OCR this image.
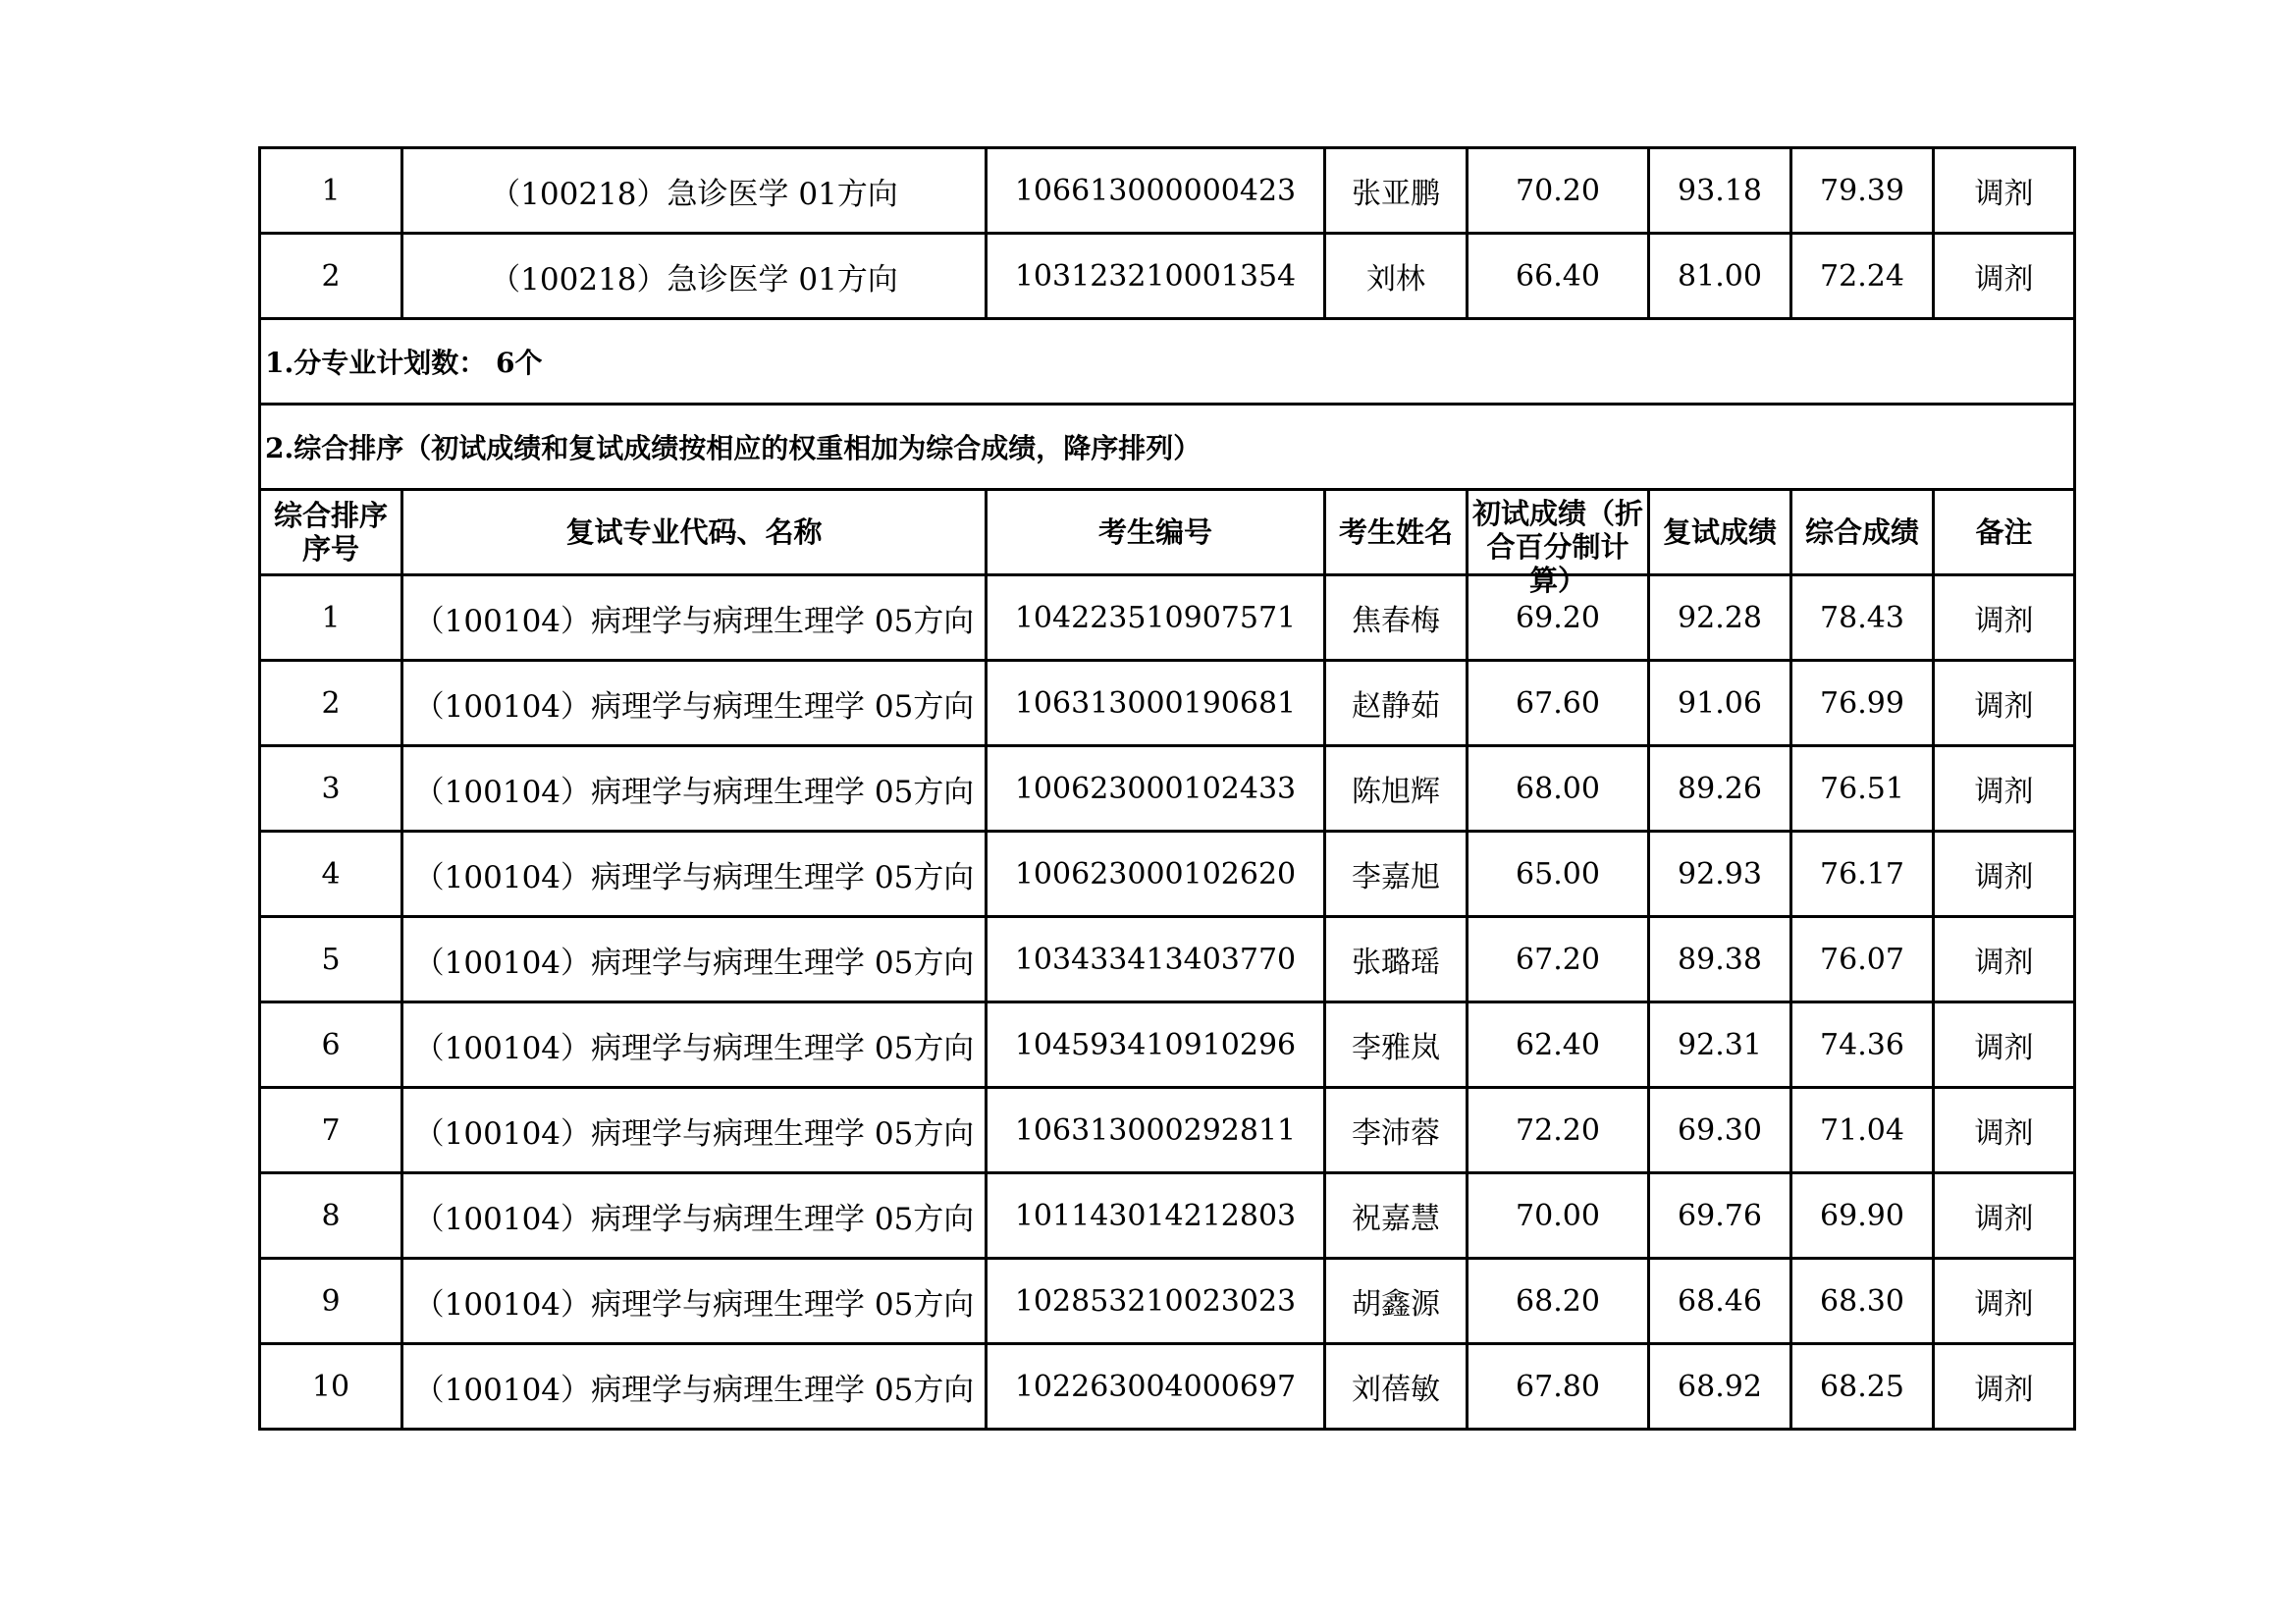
1	（100218）急诊医学 01方向	106613000000423	张亚鹏	70.20	93.18	79.39	调剂
2	（100218）急诊医学 01方向	103123210001354	刘林	66.40	81.00	72.24	调剂
1.分专业计划数： 6个							
2.综合排序（初试成绩和复试成绩按相应的权重相加为综合成绩，降序排列）							
综合排序序号	复试专业代码、名称	考生编号	考生姓名	初试成绩（折合百分制计算）	复试成绩	综合成绩	备注
1	（100104）病理学与病理生理学 05方向	104223510907571	焦春梅	69.20	92.28	78.43	调剂
2	（100104）病理学与病理生理学 05方向	106313000190681	赵静茹	67.60	91.06	76.99	调剂
3	（100104）病理学与病理生理学 05方向	100623000102433	陈旭辉	68.00	89.26	76.51	调剂
4	（100104）病理学与病理生理学 05方向	100623000102620	李嘉旭	65.00	92.93	76.17	调剂
5	（100104）病理学与病理生理学 05方向	103433413403770	张璐瑶	67.20	89.38	76.07	调剂
6	（100104）病理学与病理生理学 05方向	104593410910296	李雅岚	62.40	92.31	74.36	调剂
7	（100104）病理学与病理生理学 05方向	106313000292811	李沛蓉	72.20	69.30	71.04	调剂
8	（100104）病理学与病理生理学 05方向	101143014212803	祝嘉慧	70.00	69.76	69.90	调剂
9	（100104）病理学与病理生理学 05方向	102853210023023	胡鑫源	68.20	68.46	68.30	调剂
10	（100104）病理学与病理生理学 05方向	102263004000697	刘蓓敏	67.80	68.92	68.25	调剂
